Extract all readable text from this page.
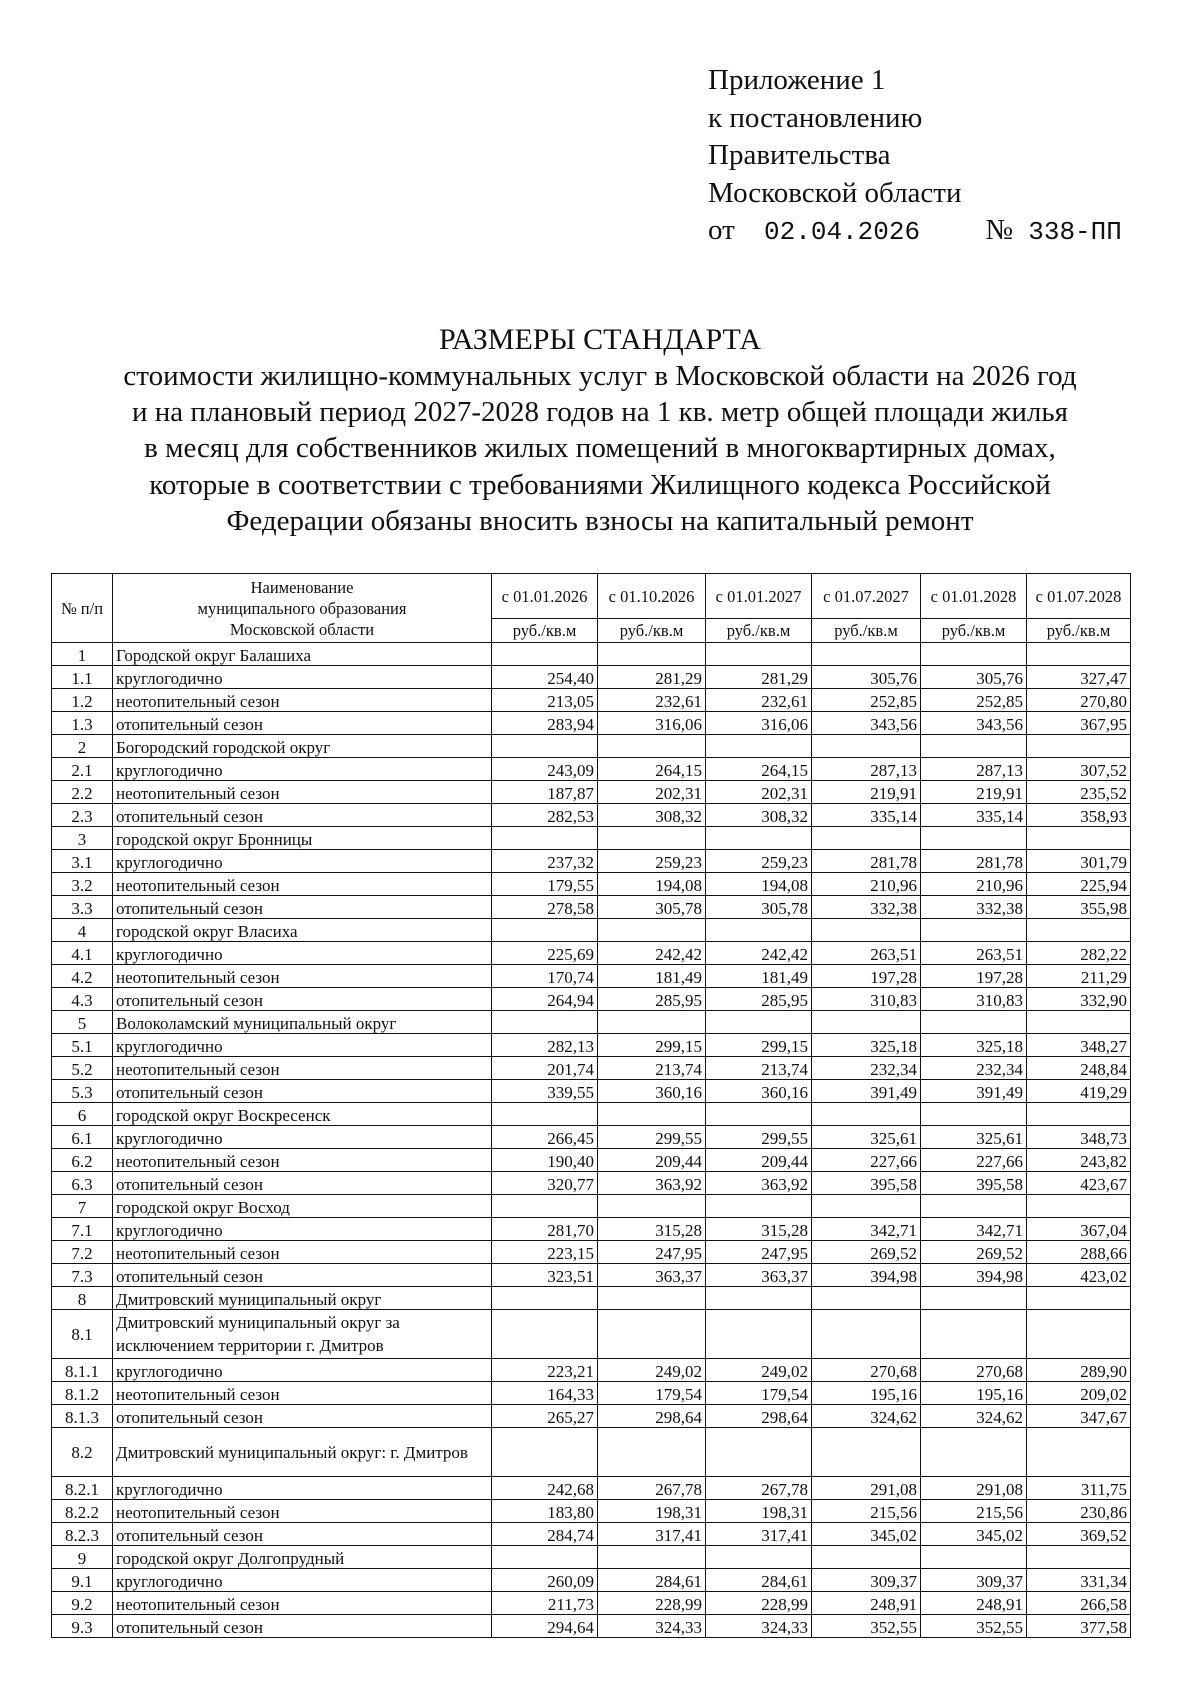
Приложение 1
к постановлению
Правительства
Московской области
от 02.04.2026 № 338-ПП
РАЗМЕРЫ СТАНДАРТА
стоимости жилищно-коммунальных услуг в Московской области на 2026 год
и на плановый период 2027-2028 годов на 1 кв. метр общей площади жилья
в месяц для собственников жилых помещений в многоквартирных домах,
которые в соответствии с требованиями Жилищного кодекса Российской
Федерации обязаны вносить взносы на капитальный ремонт
№ п/п	Наименование
муниципального образования
Московской области	с 01.01.2026	с 01.10.2026	с 01.01.2027	с 01.07.2027	с 01.01.2028	с 01.07.2028
		руб./кв.м	руб./кв.м	руб./кв.м	руб./кв.м	руб./кв.м	руб./кв.м
1	Городской округ Балашиха						
1.1	круглогодично	254,40	281,29	281,29	305,76	305,76	327,47
1.2	неотопительный сезон	213,05	232,61	232,61	252,85	252,85	270,80
1.3	отопительный сезон	283,94	316,06	316,06	343,56	343,56	367,95
2	Богородский городской округ						
2.1	круглогодично	243,09	264,15	264,15	287,13	287,13	307,52
2.2	неотопительный сезон	187,87	202,31	202,31	219,91	219,91	235,52
2.3	отопительный сезон	282,53	308,32	308,32	335,14	335,14	358,93
3	городской округ Бронницы						
3.1	круглогодично	237,32	259,23	259,23	281,78	281,78	301,79
3.2	неотопительный сезон	179,55	194,08	194,08	210,96	210,96	225,94
3.3	отопительный сезон	278,58	305,78	305,78	332,38	332,38	355,98
4	городской округ Власиха						
4.1	круглогодично	225,69	242,42	242,42	263,51	263,51	282,22
4.2	неотопительный сезон	170,74	181,49	181,49	197,28	197,28	211,29
4.3	отопительный сезон	264,94	285,95	285,95	310,83	310,83	332,90
5	Волоколамский муниципальный округ						
5.1	круглогодично	282,13	299,15	299,15	325,18	325,18	348,27
5.2	неотопительный сезон	201,74	213,74	213,74	232,34	232,34	248,84
5.3	отопительный сезон	339,55	360,16	360,16	391,49	391,49	419,29
6	городской округ Воскресенск						
6.1	круглогодично	266,45	299,55	299,55	325,61	325,61	348,73
6.2	неотопительный сезон	190,40	209,44	209,44	227,66	227,66	243,82
6.3	отопительный сезон	320,77	363,92	363,92	395,58	395,58	423,67
7	городской округ Восход						
7.1	круглогодично	281,70	315,28	315,28	342,71	342,71	367,04
7.2	неотопительный сезон	223,15	247,95	247,95	269,52	269,52	288,66
7.3	отопительный сезон	323,51	363,37	363,37	394,98	394,98	423,02
8	Дмитровский муниципальный округ						
8.1	Дмитровский муниципальный округ за исключением территории г. Дмитров						
8.1.1	круглогодично	223,21	249,02	249,02	270,68	270,68	289,90
8.1.2	неотопительный сезон	164,33	179,54	179,54	195,16	195,16	209,02
8.1.3	отопительный сезон	265,27	298,64	298,64	324,62	324,62	347,67
8.2	Дмитровский муниципальный округ: г. Дмитров						
8.2.1	круглогодично	242,68	267,78	267,78	291,08	291,08	311,75
8.2.2	неотопительный сезон	183,80	198,31	198,31	215,56	215,56	230,86
8.2.3	отопительный сезон	284,74	317,41	317,41	345,02	345,02	369,52
9	городской округ Долгопрудный						
9.1	круглогодично	260,09	284,61	284,61	309,37	309,37	331,34
9.2	неотопительный сезон	211,73	228,99	228,99	248,91	248,91	266,58
9.3	отопительный сезон	294,64	324,33	324,33	352,55	352,55	377,58
